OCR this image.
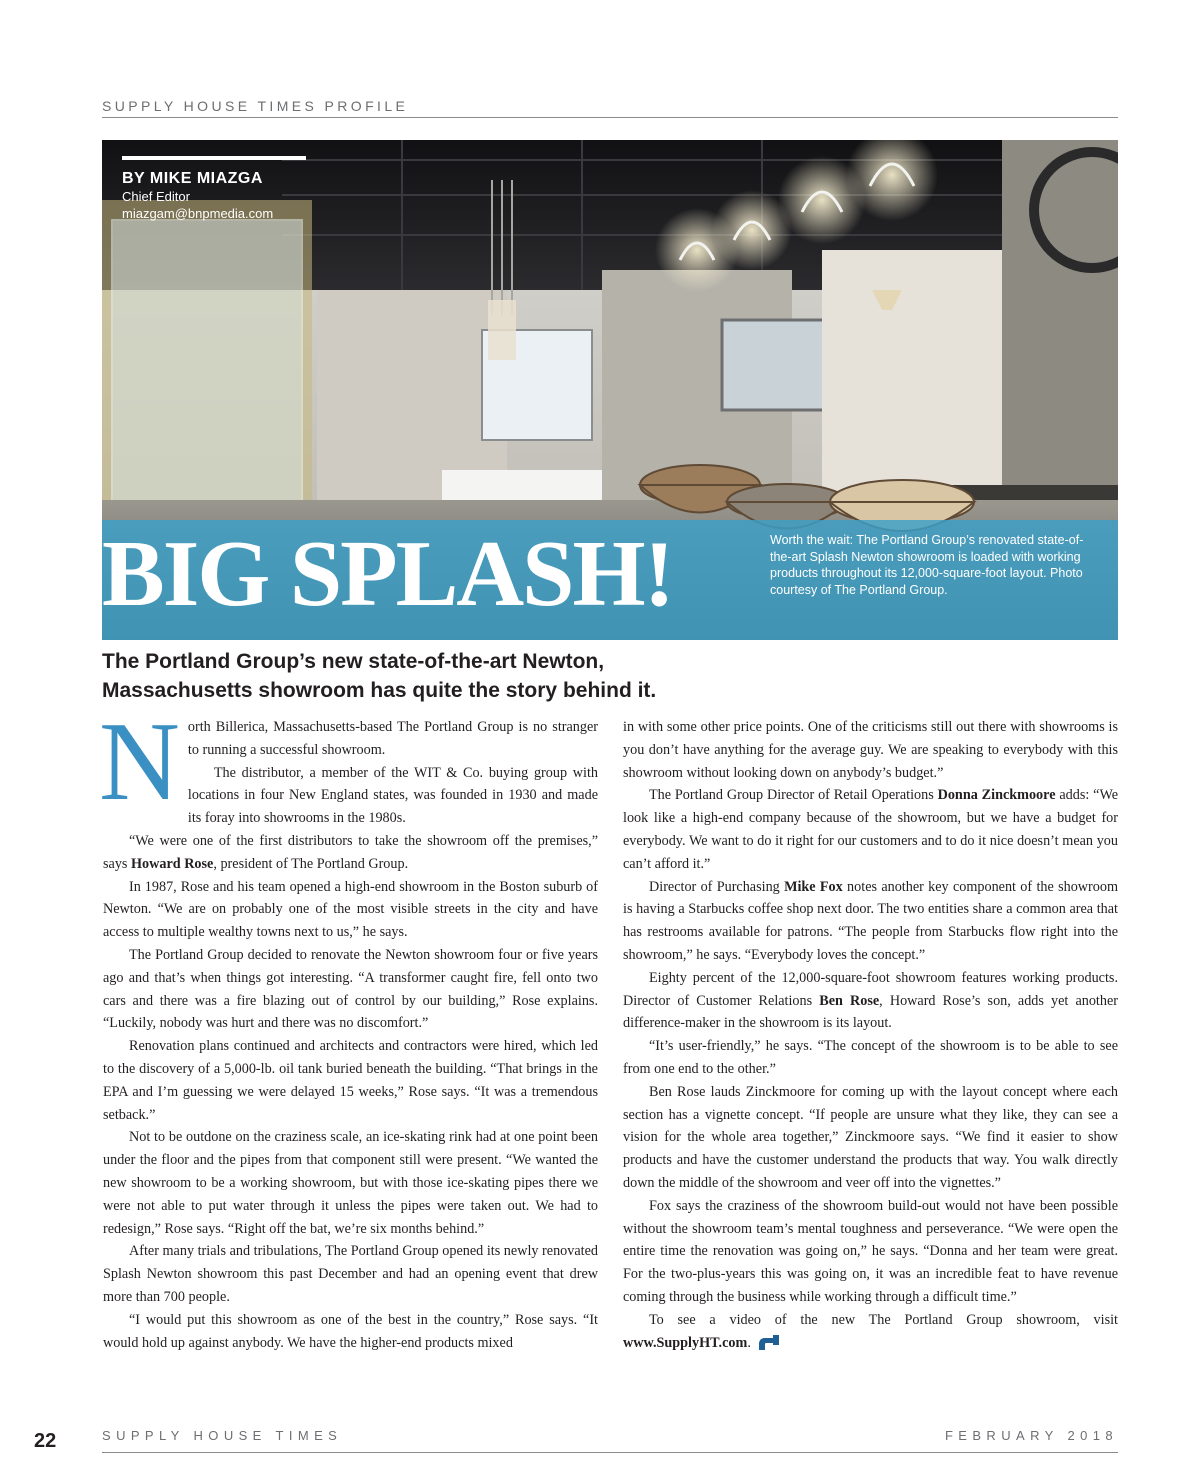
SUPPLY HOUSE TIMES PROFILE
BY MIKE MIAZGA
Chief Editor
miazgam@bnpmedia.com
BIG SPLASH!	Worth the wait: The Portland Group’s renovated state-of-the-art Splash Newton showroom is loaded with working products throughout its 12,000-square-foot layout. Photo courtesy of The Portland Group.
The Portland Group’s new state-of-the-art Newton,
Massachusetts showroom has quite the story behind it.

North Billerica, Massachusetts-based The Portland Group is no stranger to running a successful showroom.

The distributor, a member of the WIT & Co. buying group with locations in four New England states, was founded in 1930 and made its foray into showrooms in the 1980s.

“We were one of the first distributors to take the showroom off the premises,” says Howard Rose, president of The Portland Group.

In 1987, Rose and his team opened a high-end showroom in the Boston suburb of Newton. “We are on probably one of the most visible streets in the city and have access to multiple wealthy towns next to us,” he says.

The Portland Group decided to renovate the Newton showroom four or five years ago and that’s when things got interesting. “A transformer caught fire, fell onto two cars and there was a fire blazing out of control by our building,” Rose explains. “Luckily, nobody was hurt and there was no discomfort.”

Renovation plans continued and architects and contractors were hired, which led to the discovery of a 5,000-lb. oil tank buried beneath the building. “That brings in the EPA and I’m guessing we were delayed 15 weeks,” Rose says. “It was a tremendous setback.”

Not to be outdone on the craziness scale, an ice-skating rink had at one point been under the floor and the pipes from that component still were present. “We wanted the new showroom to be a working showroom, but with those ice-skating pipes there we were not able to put water through it unless the pipes were taken out. We had to redesign,” Rose says. “Right off the bat, we’re six months behind.”

After many trials and tribulations, The Portland Group opened its newly renovated Splash Newton showroom this past December and had an opening event that drew more than 700 people.

“I would put this showroom as one of the best in the country,” Rose says. “It would hold up against anybody. We have the higher-end products mixed

in with some other price points. One of the criticisms still out there with showrooms is you don’t have anything for the average guy. We are speaking to everybody with this showroom without looking down on anybody’s budget.”

The Portland Group Director of Retail Operations Donna Zinckmoore adds: “We look like a high-end company because of the showroom, but we have a budget for everybody. We want to do it right for our customers and to do it nice doesn’t mean you can’t afford it.”

Director of Purchasing Mike Fox notes another key component of the showroom is having a Starbucks coffee shop next door. The two entities share a common area that has restrooms available for patrons. “The people from Starbucks flow right into the showroom,” he says. “Everybody loves the concept.”

Eighty percent of the 12,000-square-foot showroom features working products. Director of Customer Relations Ben Rose, Howard Rose’s son, adds yet another difference-maker in the showroom is its layout.

“It’s user-friendly,” he says. “The concept of the showroom is to be able to see from one end to the other.”

Ben Rose lauds Zinckmoore for coming up with the layout concept where each section has a vignette concept. “If people are unsure what they like, they can see a vision for the whole area together,” Zinckmoore says. “We find it easier to show products and have the customer understand the products that way. You walk directly down the middle of the showroom and veer off into the vignettes.”

Fox says the craziness of the showroom build-out would not have been possible without the showroom team’s mental toughness and perseverance. “We were open the entire time the renovation was going on,” he says. “Donna and her team were great. For the two-plus-years this was going on, it was an incredible feat to have revenue coming through the business while working through a difficult time.”

To see a video of the new The Portland Group showroom, visit www.SupplyHT.com.

22	SUPPLY HOUSE TIMES	FEBRUARY 2018
